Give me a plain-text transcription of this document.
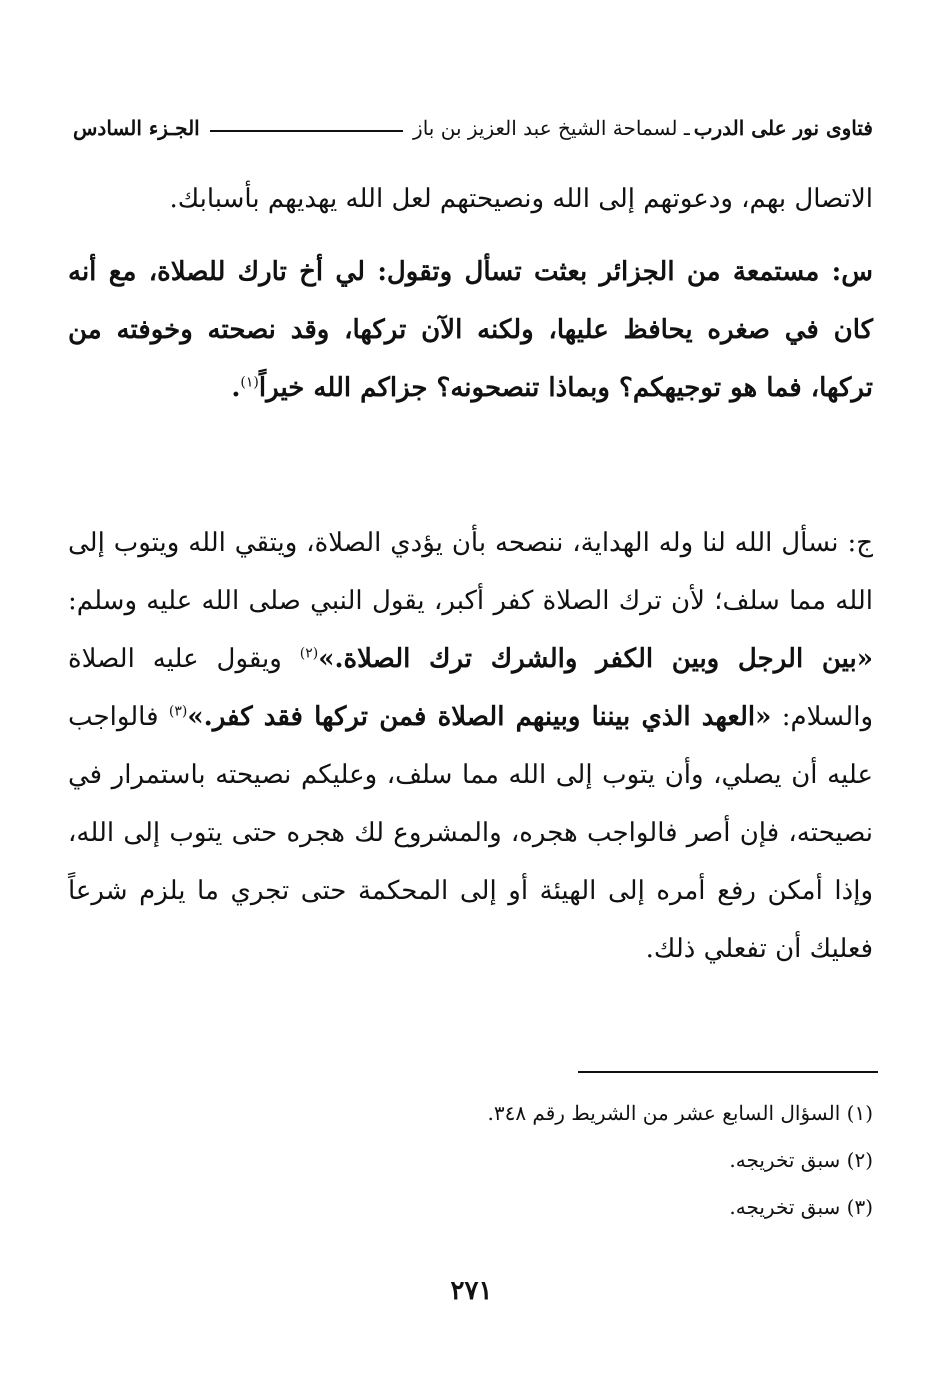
فتاوى نور على الدرب
ـ لسماحة الشيخ عبد العزيز بن باز
الجـزء السادس
الاتصال بهم، ودعوتهم إلى الله ونصيحتهم لعل الله يهديهم بأسبابك.
س: مستمعة من الجزائر بعثت تسأل وتقول: لي أخ تارك للصلاة، مع أنه كان في صغره يحافظ عليها، ولكنه الآن تركها، وقد نصحته وخوفته من تركها، فما هو توجيهكم؟ وبماذا تنصحونه؟ جزاكم الله خيراً$^{(١)}$.
ج: نسأل الله لنا وله الهداية، ننصحه بأن يؤدي الصلاة، ويتقي الله ويتوب إلى الله مما سلف؛ لأن ترك الصلاة كفر أكبر، يقول النبي صلى الله عليه وسلم: «بين الرجل وبين الكفر والشرك ترك الصلاة.»$^{(٢)}$ ويقول عليه الصلاة والسلام: «العهد الذي بيننا وبينهم الصلاة فمن تركها فقد كفر.»$^{(٣)}$ فالواجب عليه أن يصلي، وأن يتوب إلى الله مما سلف، وعليكم نصيحته باستمرار في نصيحته، فإن أصر فالواجب هجره، والمشروع لك هجره حتى يتوب إلى الله، وإذا أمكن رفع أمره إلى الهيئة أو إلى المحكمة حتى تجري ما يلزم شرعاً فعليك أن تفعلي ذلك.
(١) السؤال السابع عشر من الشريط رقم ٣٤٨.
(٢) سبق تخريجه.
(٣) سبق تخريجه.
٢٧١
